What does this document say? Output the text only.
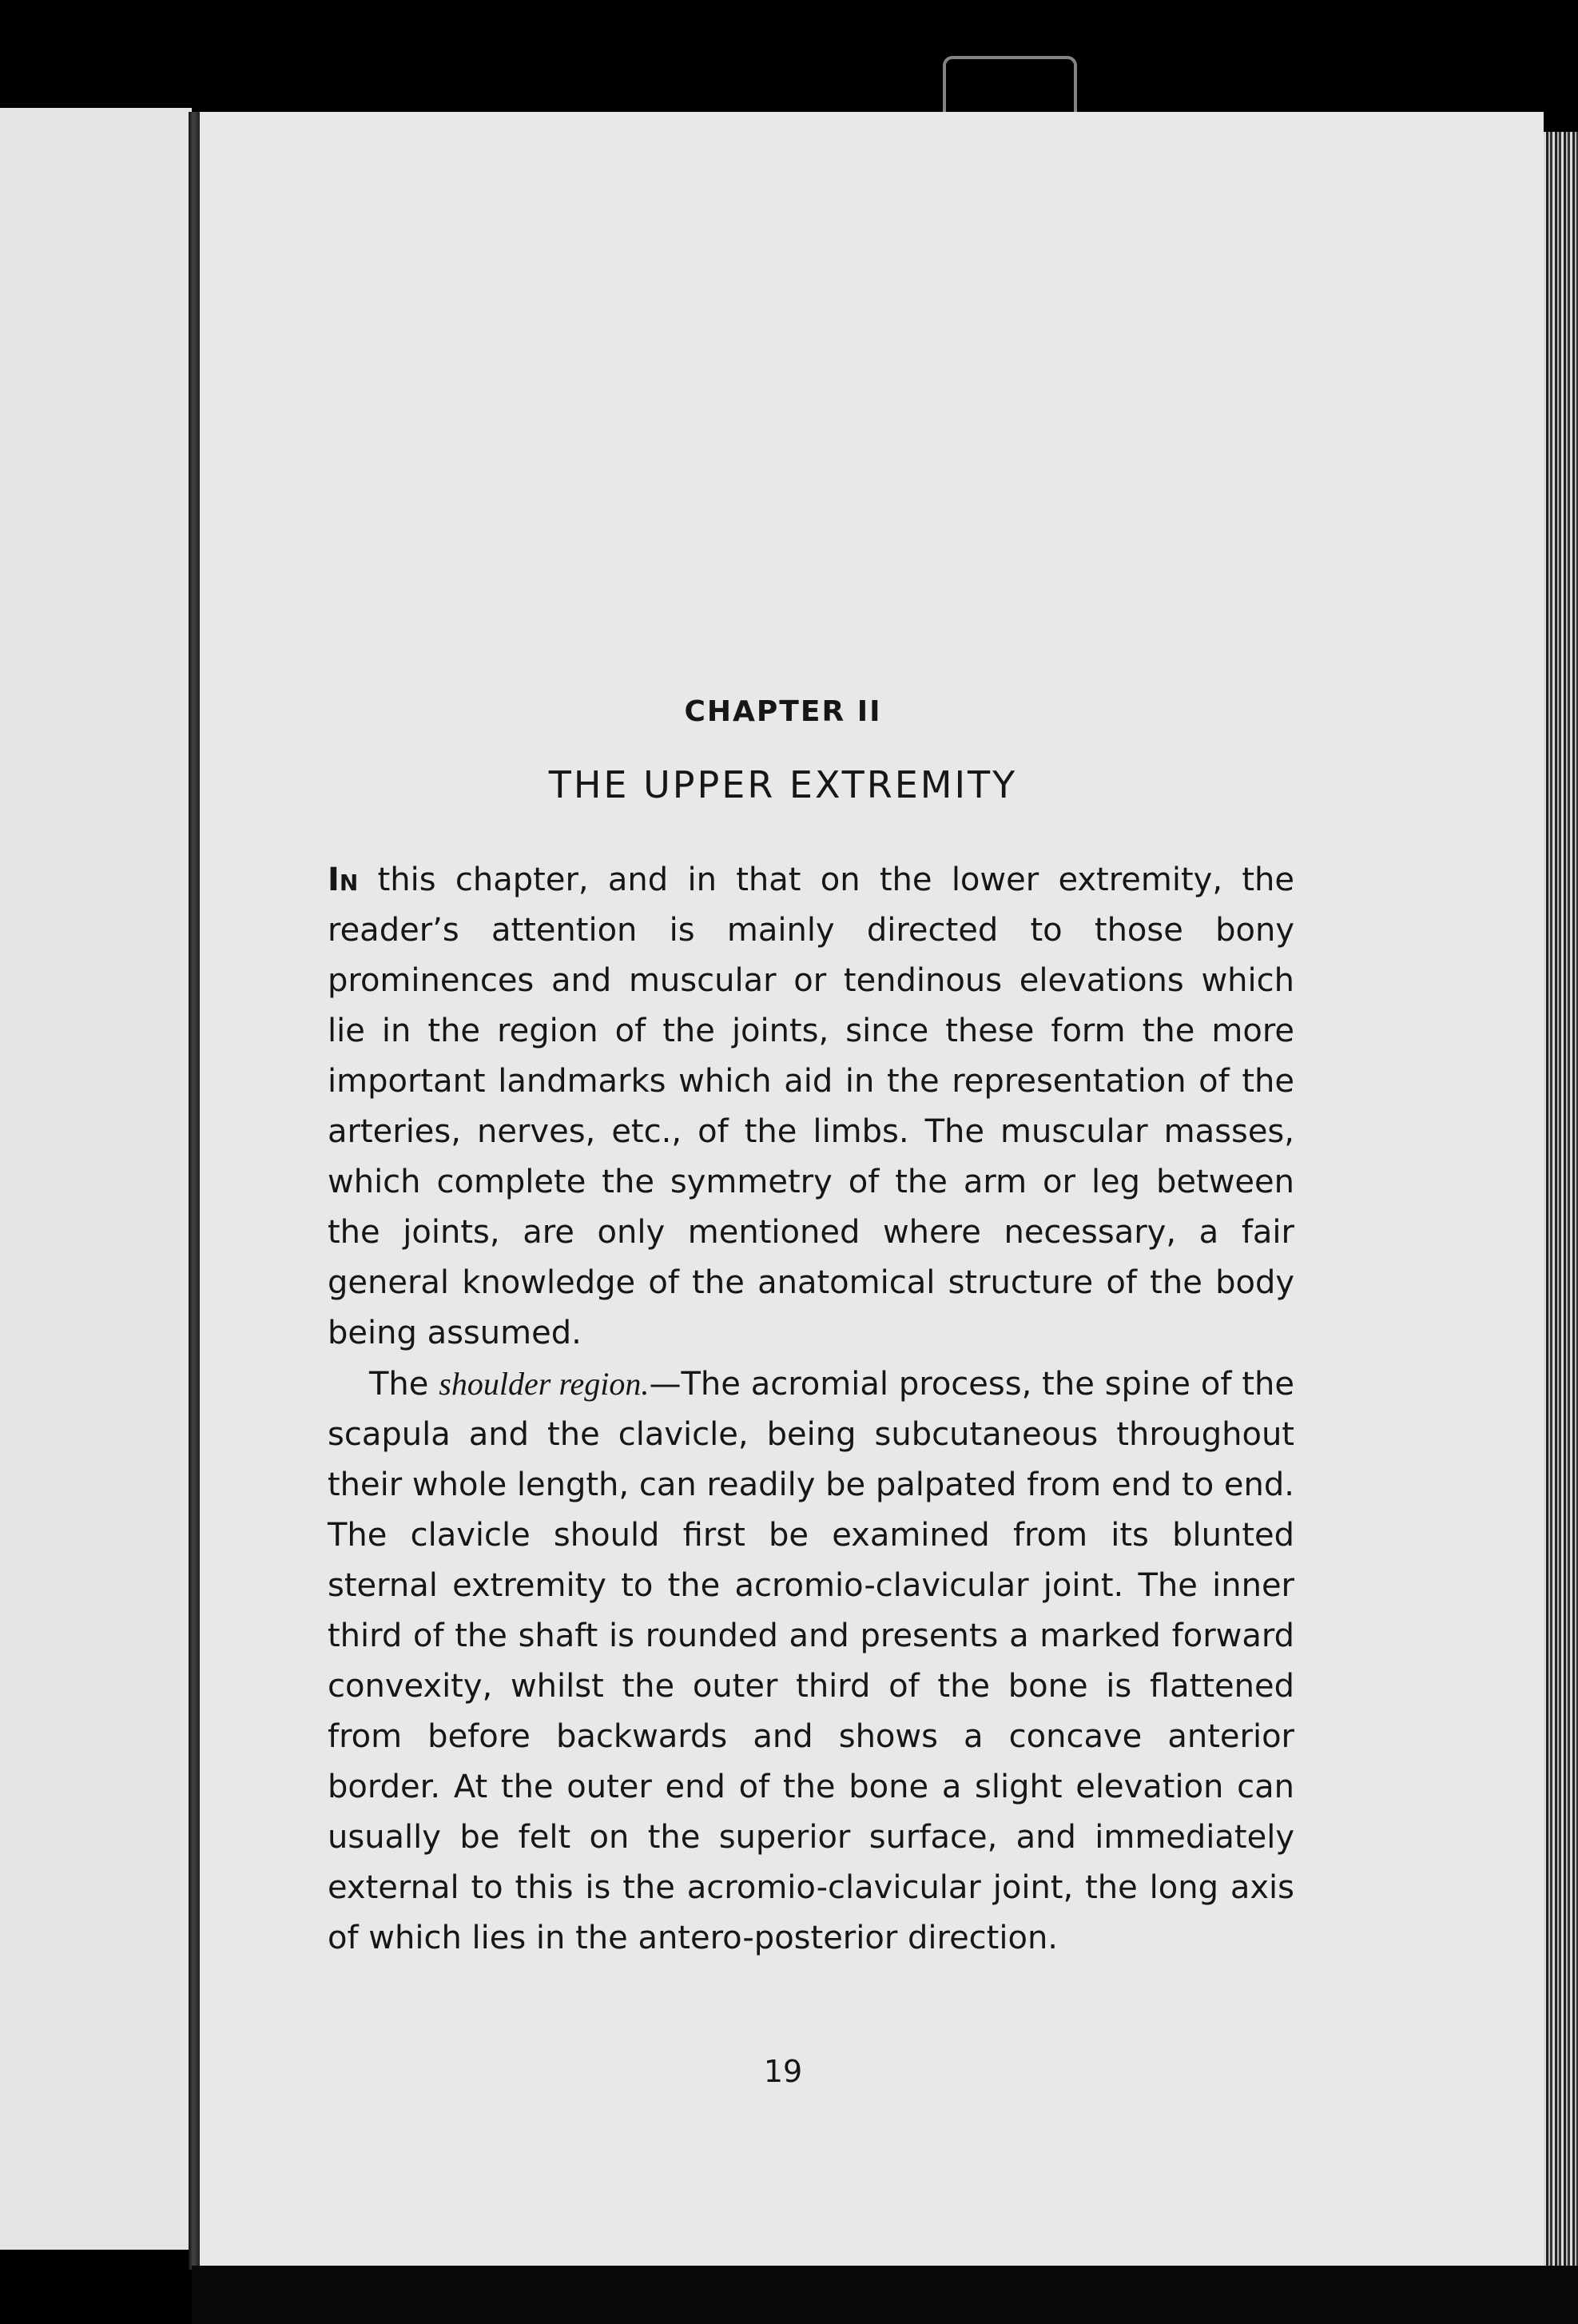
CHAPTER II
THE UPPER EXTREMITY

In this chapter, and in that on the lower extremity, the reader’s attention is mainly directed to those bony prominences and muscular or tendinous elevations which lie in the region of the joints, since these form the more important landmarks which aid in the representation of the arteries, nerves, etc., of the limbs. The muscular masses, which complete the symmetry of the arm or leg between the joints, are only mentioned where necessary, a fair general knowledge of the anatomical structure of the body being assumed.

The shoulder region.—The acromial process, the spine of the scapula and the clavicle, being subcutaneous throughout their whole length, can readily be palpated from end to end. The clavicle should first be examined from its blunted sternal extremity to the acromio-clavicular joint. The inner third of the shaft is rounded and presents a marked forward convexity, whilst the outer third of the bone is flattened from before backwards and shows a concave anterior border. At the outer end of the bone a slight elevation can usually be felt on the superior surface, and immediately external to this is the acromio-clavicular joint, the long axis of which lies in the antero-posterior direction.

19
